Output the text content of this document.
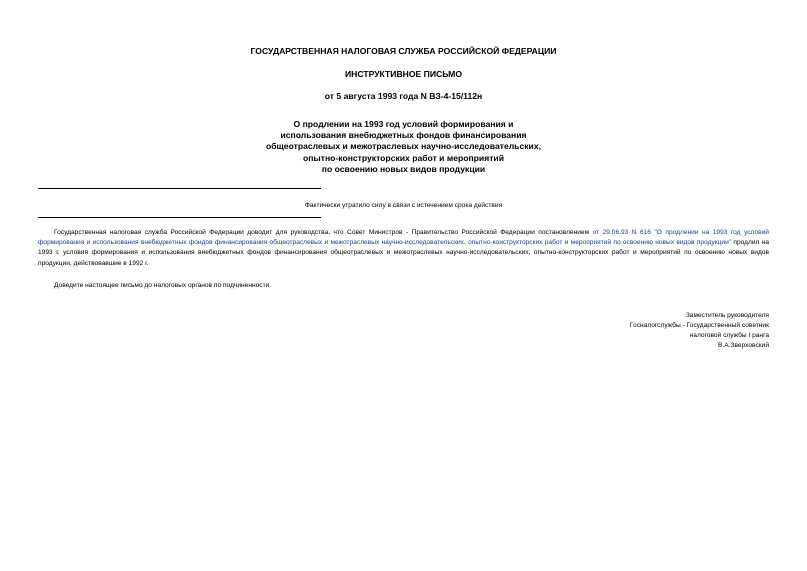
ГОСУДАРСТВЕННАЯ НАЛОГОВАЯ СЛУЖБА РОССИЙСКОЙ ФЕДЕРАЦИИ
ИНСТРУКТИВНОЕ ПИСЬМО
от 5 августа 1993 года N ВЗ-4-15/112н
О продлении на 1993 год условий формирования и
использования внебюджетных фондов финансирования
общеотраслевых и межотраслевых научно-исследовательских,
опытно-конструкторских работ и мероприятий
по освоению новых видов продукции
Фактически утратило силу в связи с истечением срока действия

Государственная налоговая служба Российской Федерации доводит для руководства, что Совет Министров - Правительство Российской Федерации постановлением от 29.06.93 N 616 "О продлении на 1993 год условий формирования и использования внебюджетных фондов финансирования общеотраслевых и межотраслевых научно-исследовательских, опытно-конструкторских работ и мероприятий по освоению новых видов продукции" продлил на 1993 г. условия формирования и использования внебюджетных фондов финансирования общеотраслевых и межотраслевых научно-исследовательских, опытно-конструкторских работ и мероприятий по освоению новых видов продукции, действовавшие в 1992 г.

Доведите настоящее письмо до налоговых органов по подчиненности.
Заместитель руководителя
Госналогслужбы - Государственный советник
налоговой службы I ранга
В.А.Зверховский
